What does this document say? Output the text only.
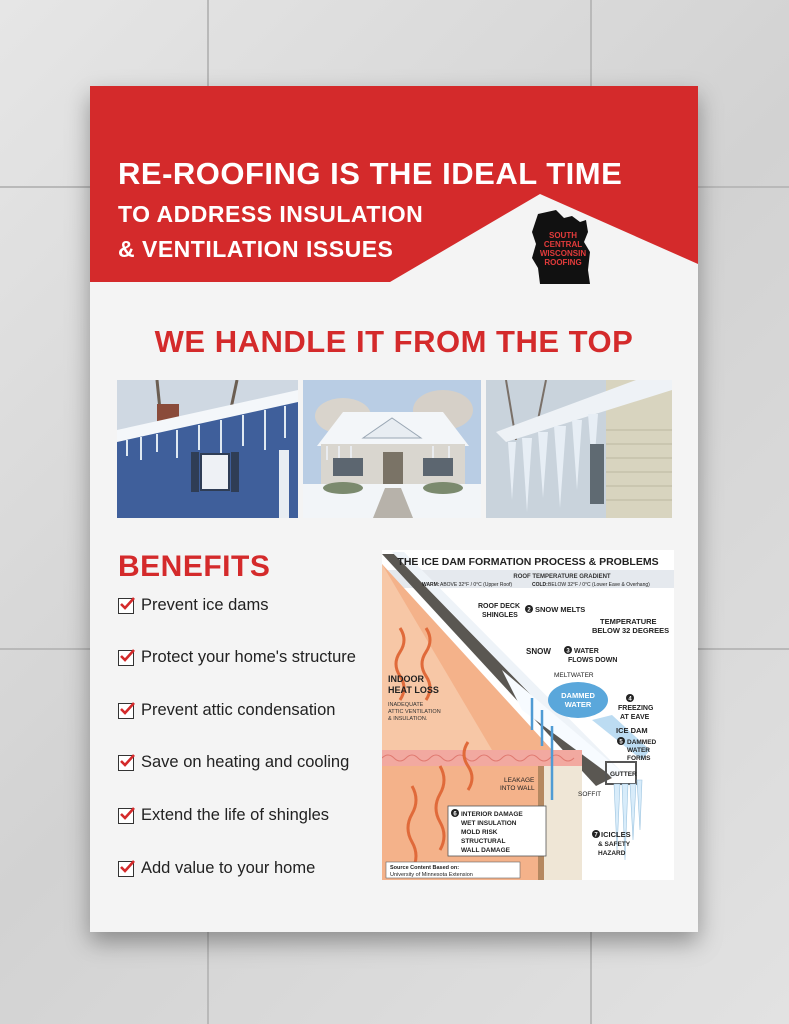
RE-ROOFING IS THE IDEAL TIME
TO ADDRESS INSULATION
& VENTILATION ISSUES
SOUTH
CENTRAL
WISCONSIN
ROOFING
WE HANDLE IT FROM THE TOP
BENEFITS
Prevent ice dams
Protect your home's structure
Prevent attic condensation
Save on heating and cooling
Extend the life of shingles
Add value to your home
THE ICE DAM FORMATION PROCESS & PROBLEMS
ROOF TEMPERATURE GRADIENT
WARM: ABOVE 32°F / 0°C (Upper Roof)	COLD: BELOW 32°F / 0°C (Lower Eave & Overhang)
ROOF DECK
SHINGLES
2 SNOW MELTS
TEMPERATURE
BELOW 32 DEGREES
SNOW	3 WATER
FLOWS DOWN
INDOOR
HEAT LOSS
INADEQUATE
ATTIC VENTILATION
& INSULATION.
MELTWATER
DAMMED
WATER
4
FREEZING
AT EAVE
ICE DAM
5 DAMMED
WATER
FORMS
LEAKAGE
INTO WALL
SOFFIT
GUTTER
6 INTERIOR DAMAGE
WET INSULATION
MOLD RISK
STRUCTURAL
WALL DAMAGE
7 ICICLES
& SAFETY
HAZARD
Source Content Based on:
University of Minnesota Extension
